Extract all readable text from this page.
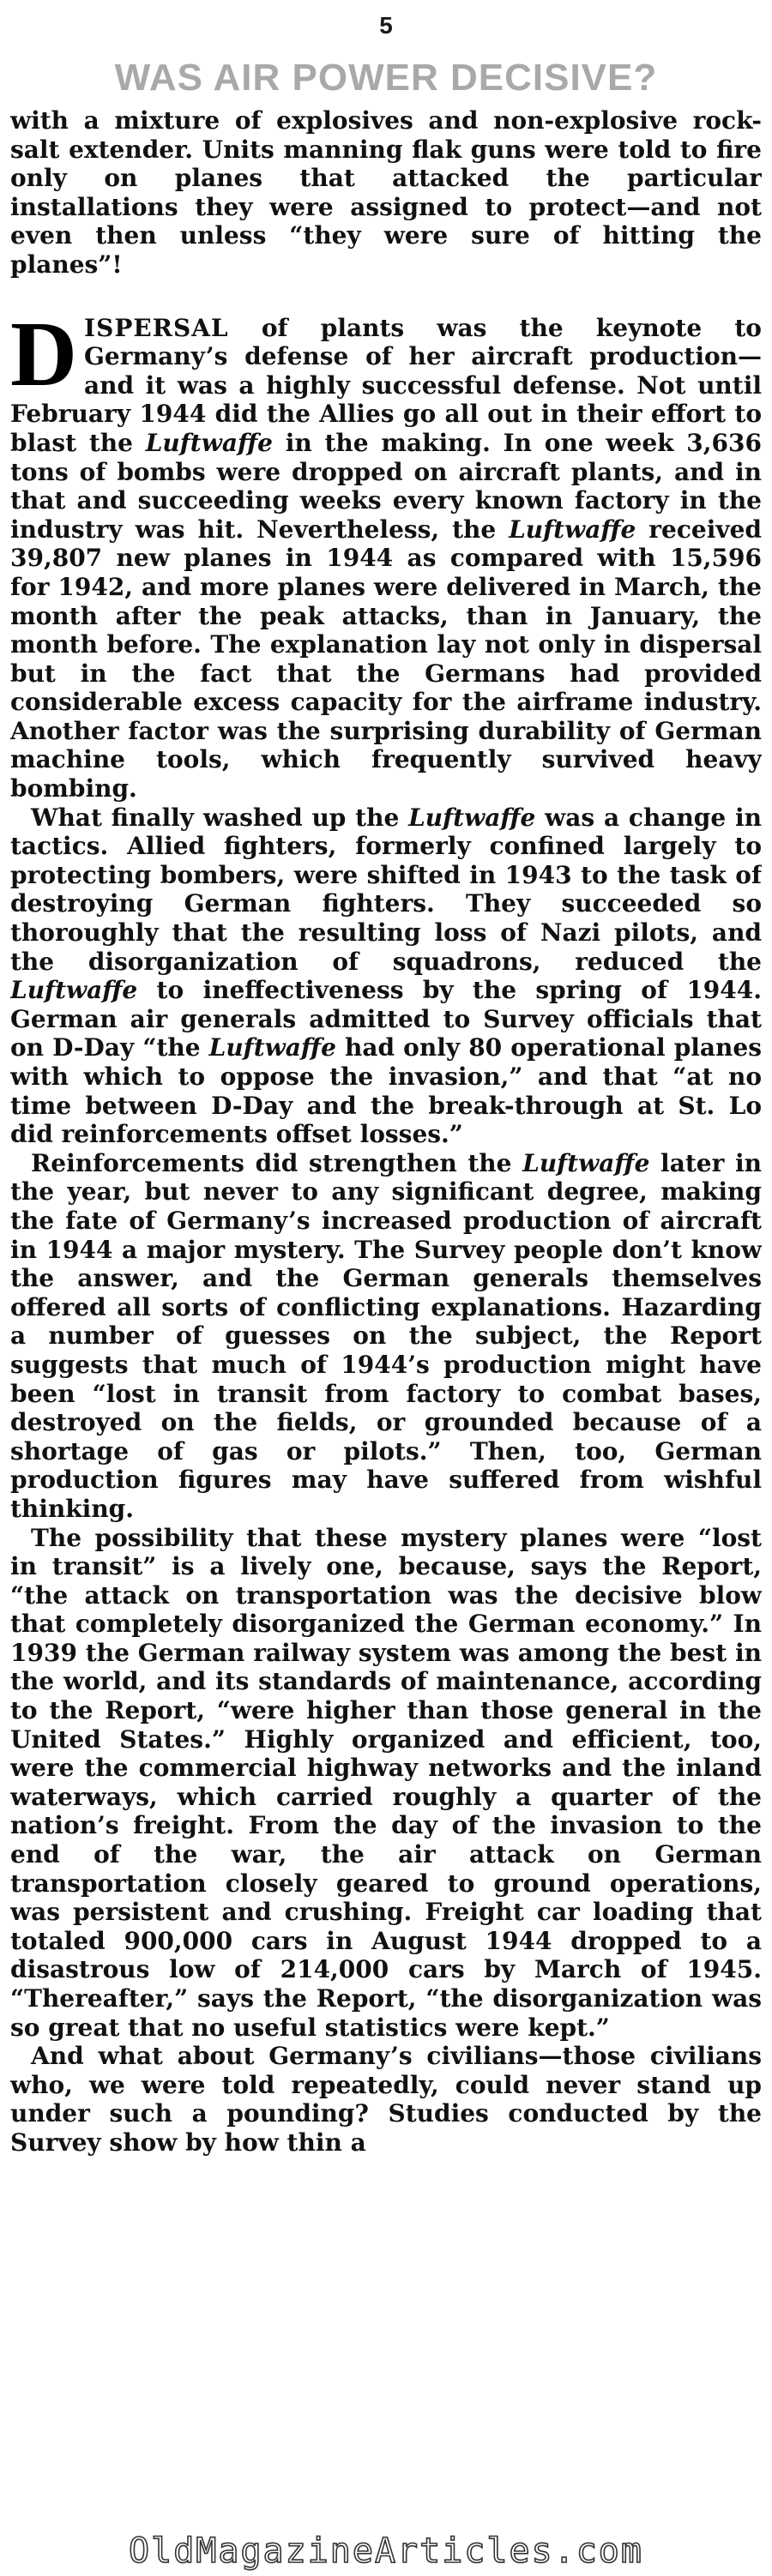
5
WAS AIR POWER DECISIVE?

with a mixture of explosives and non-explosive rock-salt extender. Units manning flak guns were told to fire only on planes that attacked the particular installations they were assigned to protect—and not even then unless “they were sure of hitting the planes”!

DISPERSAL of plants was the keynote to Germany’s defense of her aircraft production—and it was a highly successful defense. Not until February 1944 did the Allies go all out in their effort to blast the Luftwaffe in the making. In one week 3,636 tons of bombs were dropped on aircraft plants, and in that and succeeding weeks every known factory in the industry was hit. Nevertheless, the Luftwaffe received 39,807 new planes in 1944 as compared with 15,596 for 1942, and more planes were delivered in March, the month after the peak attacks, than in January, the month before. The explanation lay not only in dispersal but in the fact that the Germans had provided considerable excess capacity for the airframe industry. Another factor was the surprising durability of German machine tools, which frequently survived heavy bombing.

What finally washed up the Luftwaffe was a change in tactics. Allied fighters, formerly confined largely to protecting bombers, were shifted in 1943 to the task of destroying German fighters. They succeeded so thoroughly that the resulting loss of Nazi pilots, and the disorganization of squadrons, reduced the Luftwaffe to ineffectiveness by the spring of 1944. German air generals admitted to Survey officials that on D-Day “the Luftwaffe had only 80 operational planes with which to oppose the invasion,” and that “at no time between D-Day and the break-through at St. Lo did reinforcements offset losses.”

Reinforcements did strengthen the Luftwaffe later in the year, but never to any significant degree, making the fate of Germany’s increased production of aircraft in 1944 a major mystery. The Survey people don’t know the answer, and the German generals themselves offered all sorts of conflicting explanations. Hazarding a number of guesses on the subject, the Report suggests that much of 1944’s production might have been “lost in transit from factory to combat bases, destroyed on the fields, or grounded because of a shortage of gas or pilots.” Then, too, German production figures may have suffered from wishful thinking.

The possibility that these mystery planes were “lost in transit” is a lively one, because, says the Report, “the attack on transportation was the decisive blow that completely disorganized the German economy.” In 1939 the German railway system was among the best in the world, and its standards of maintenance, according to the Report, “were higher than those general in the United States.” Highly organized and efficient, too, were the commercial highway networks and the inland waterways, which carried roughly a quarter of the nation’s freight. From the day of the invasion to the end of the war, the air attack on German transportation closely geared to ground operations, was persistent and crushing. Freight car loading that totaled 900,000 cars in August 1944 dropped to a disastrous low of 214,000 cars by March of 1945. “Thereafter,” says the Report, “the disorganization was so great that no useful statistics were kept.”

And what about Germany’s civilians—those civilians who, we were told repeatedly, could never stand up under such a pounding? Studies conducted by the Survey show by how thin a

OldMagazineArticles.com
